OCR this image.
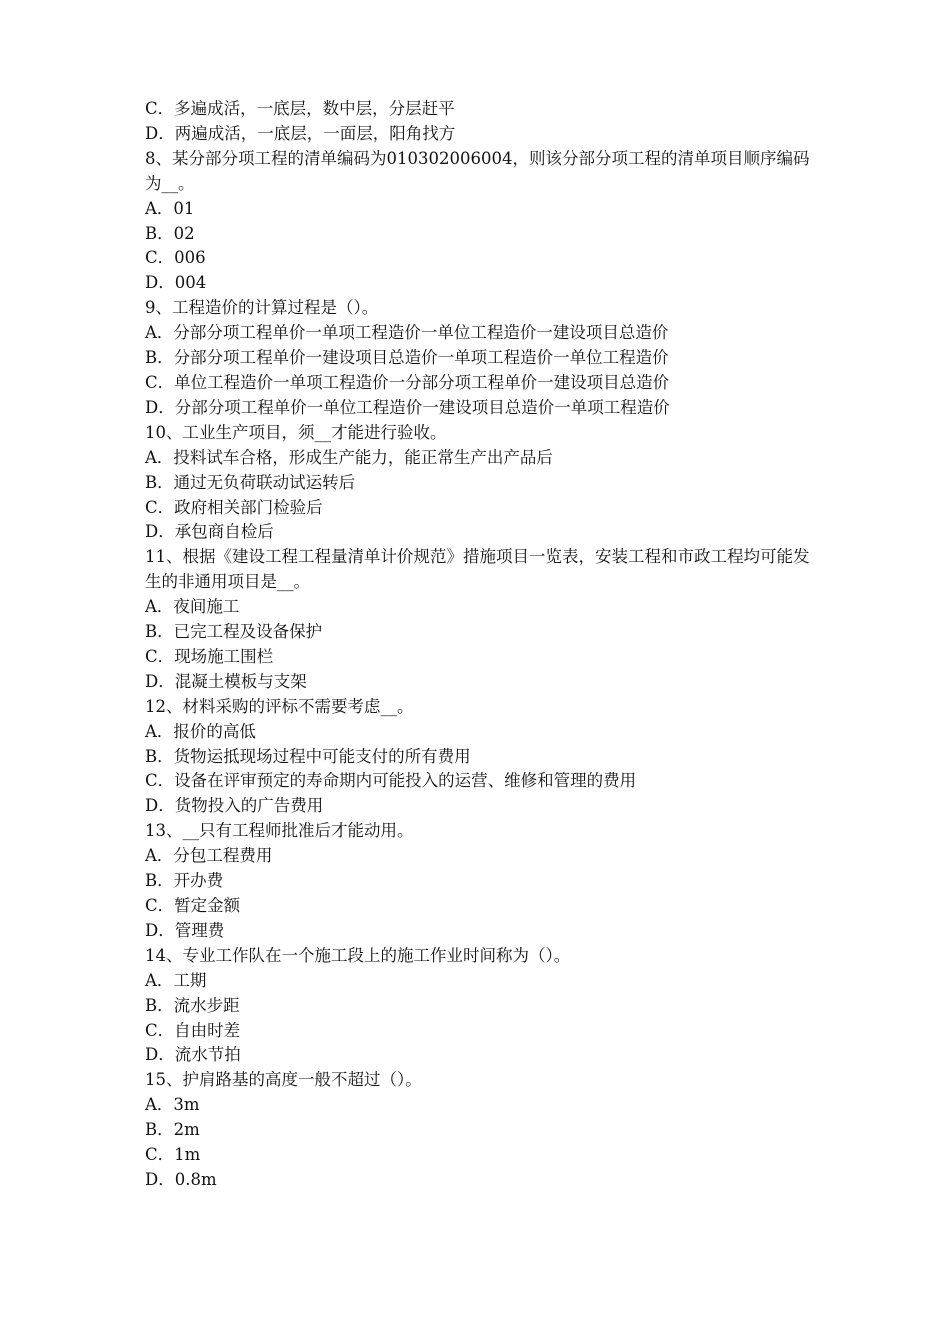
C．多遍成活，一底层，数中层，分层赶平
D．两遍成活，一底层，一面层，阳角找方
8、某分部分项工程的清单编码为010302006004，则该分部分项工程的清单项目顺序编码为__。
A．01
B．02
C．006
D．004
9、工程造价的计算过程是（）。
A．分部分项工程单价一单项工程造价一单位工程造价一建设项目总造价
B．分部分项工程单价一建设项目总造价一单项工程造价一单位工程造价
C．单位工程造价一单项工程造价一分部分项工程单价一建设项目总造价
D．分部分项工程单价一单位工程造价一建设项目总造价一单项工程造价
10、工业生产项目，须__才能进行验收。
A．投料试车合格，形成生产能力，能正常生产出产品后
B．通过无负荷联动试运转后
C．政府相关部门检验后
D．承包商自检后
11、根据《建设工程工程量清单计价规范》措施项目一览表，安装工程和市政工程均可能发生的非通用项目是__。
A．夜间施工
B．已完工程及设备保护
C．现场施工围栏
D．混凝土模板与支架
12、材料采购的评标不需要考虑__。
A．报价的高低
B．货物运抵现场过程中可能支付的所有费用
C．设备在评审预定的寿命期内可能投入的运营、维修和管理的费用
D．货物投入的广告费用
13、__只有工程师批准后才能动用。
A．分包工程费用
B．开办费
C．暂定金额
D．管理费
14、专业工作队在一个施工段上的施工作业时间称为（）。
A．工期
B．流水步距
C．自由时差
D．流水节拍
15、护肩路基的高度一般不超过（）。
A．3m
B．2m
C．1m
D．0.8m
